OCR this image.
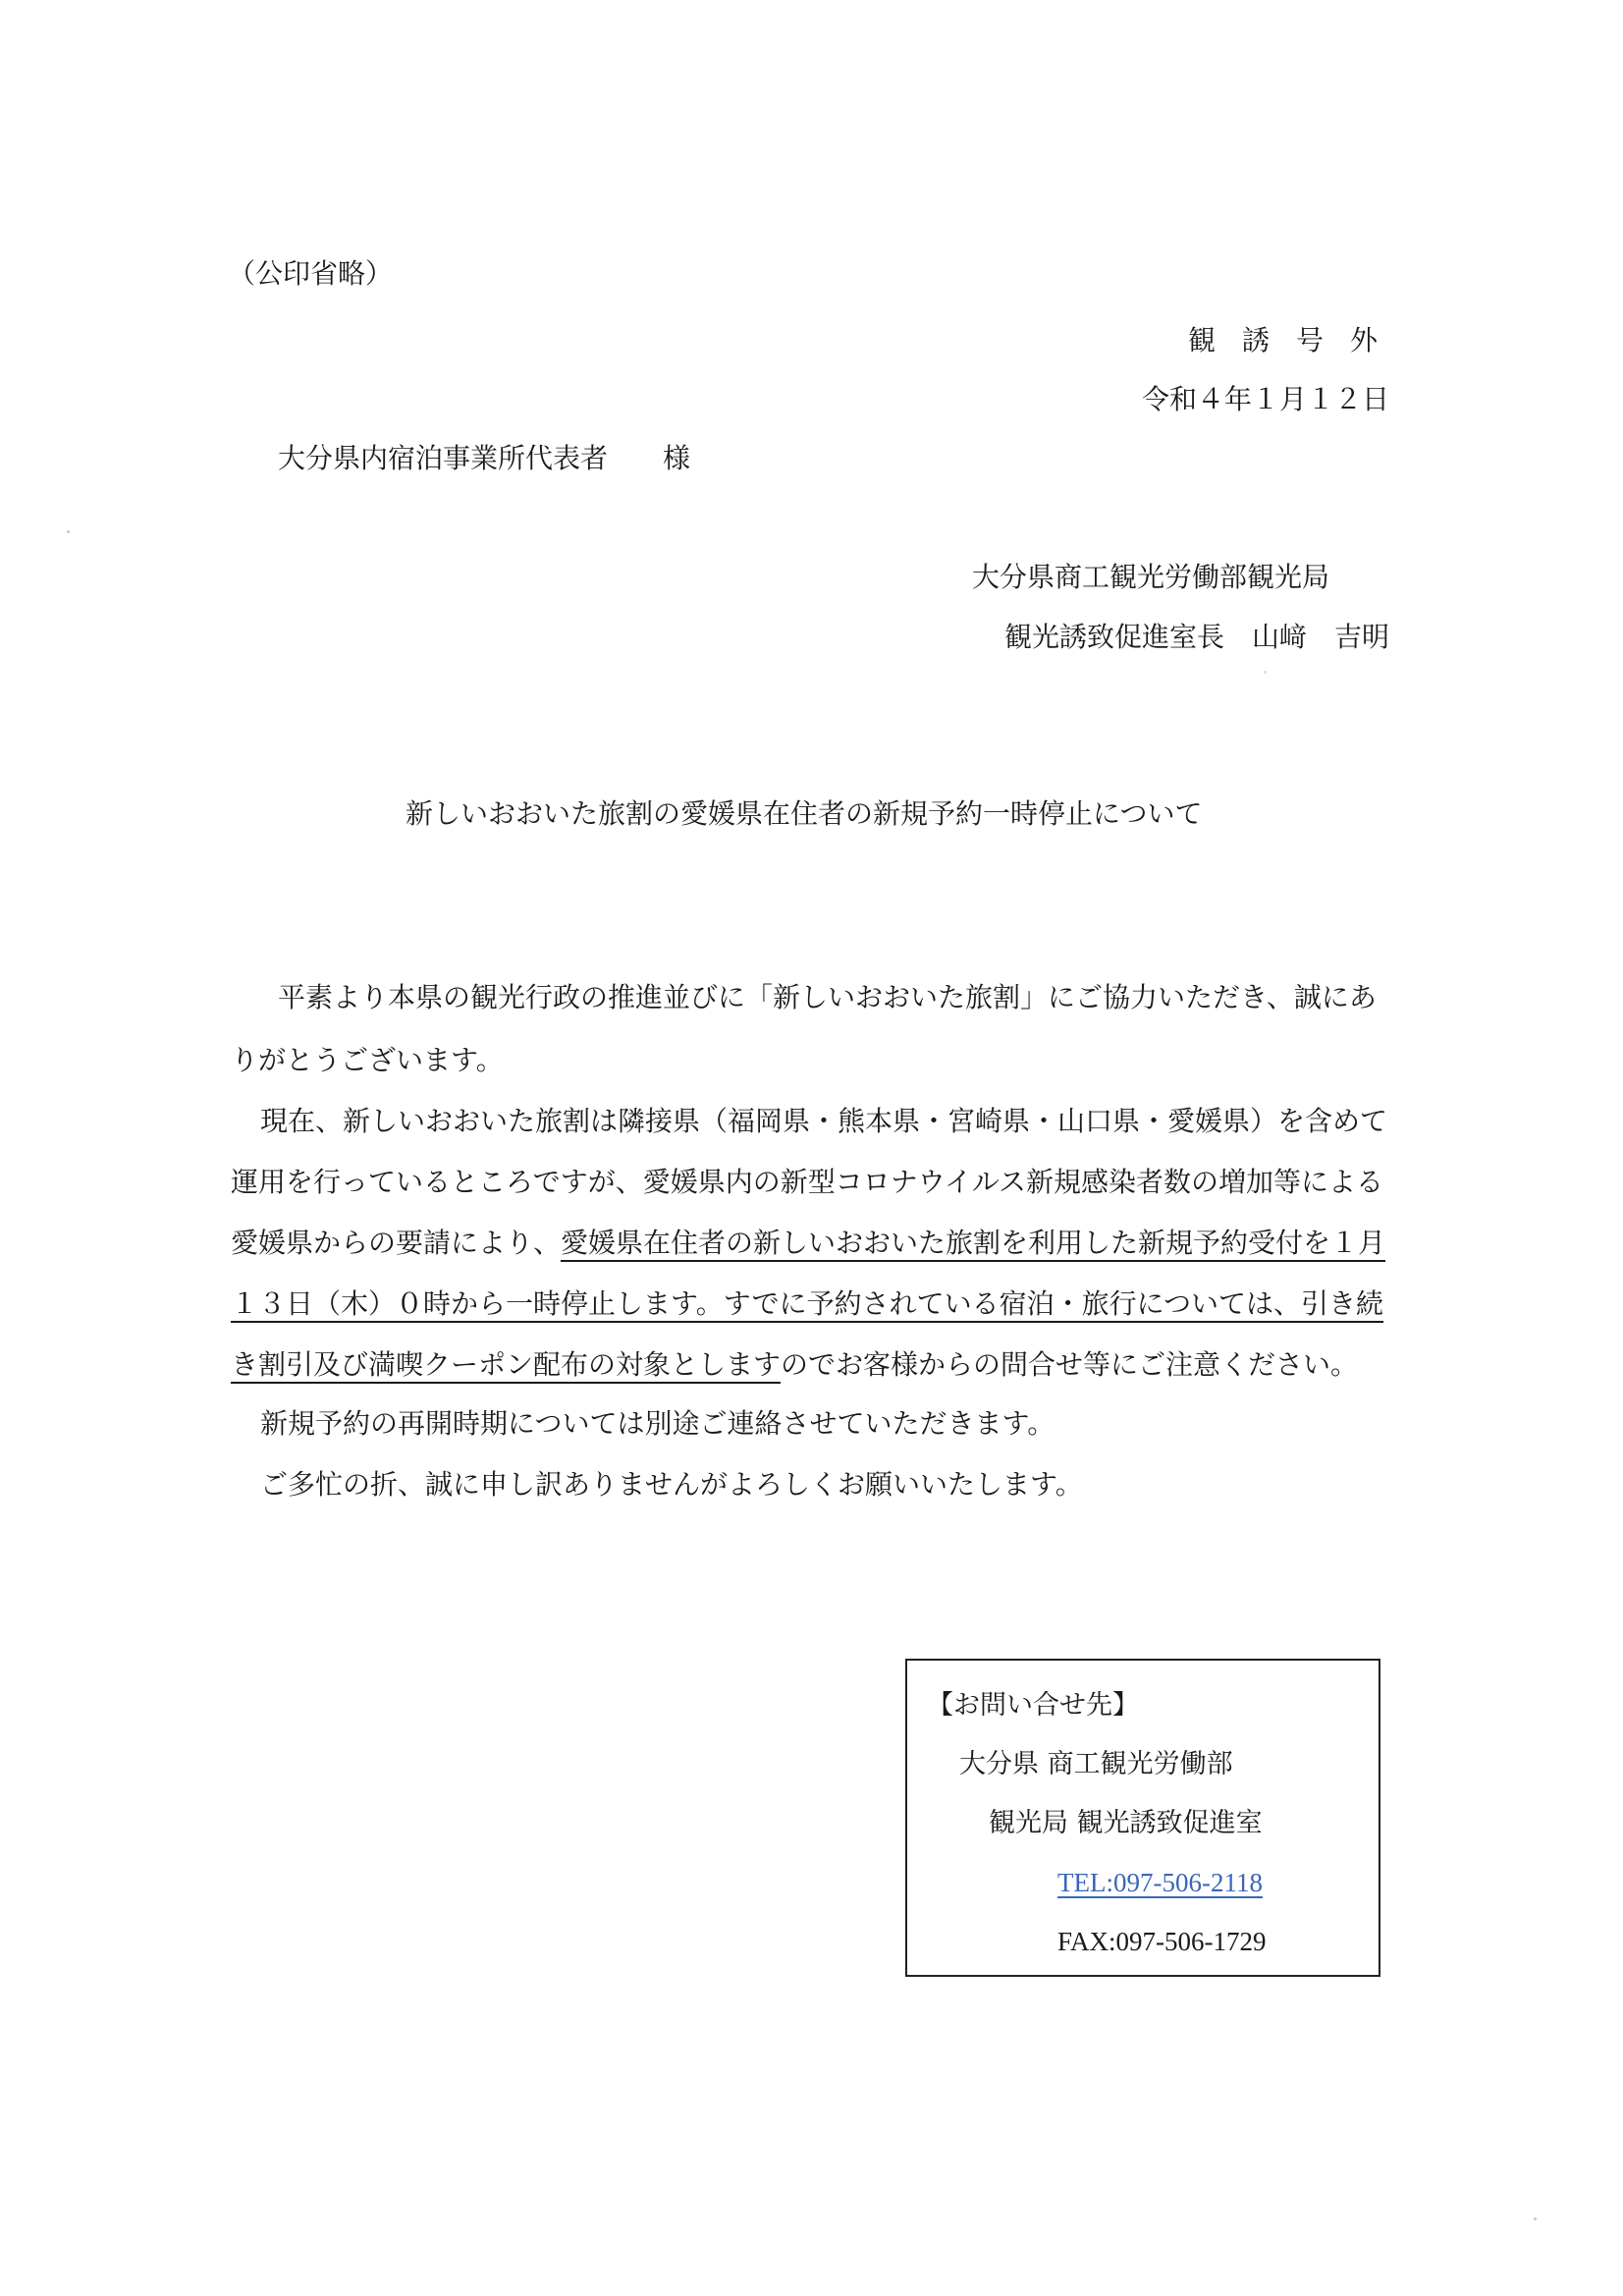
（公印省略）
観誘号外
令和４年１月１２日
大分県内宿泊事業所代表者　　様
大分県商工観光労働部観光局
観光誘致促進室長　山﨑　吉明
新しいおおいた旅割の愛媛県在住者の新規予約一時停止について
平素より本県の観光行政の推進並びに「新しいおおいた旅割」にご協力いただき、誠にあ
りがとうございます。
現在、新しいおおいた旅割は隣接県（福岡県・熊本県・宮崎県・山口県・愛媛県）を含めて
運用を行っているところですが、愛媛県内の新型コロナウイルス新規感染者数の増加等による
愛媛県からの要請により、愛媛県在住者の新しいおおいた旅割を利用した新規予約受付を１月
１３日（木）０時から一時停止します。すでに予約されている宿泊・旅行については、引き続
き割引及び満喫クーポン配布の対象としますのでお客様からの問合せ等にご注意ください。
新規予約の再開時期については別途ご連絡させていただきます。
ご多忙の折、誠に申し訳ありませんがよろしくお願いいたします。
【お問い合せ先】
大分県 商工観光労働部
観光局 観光誘致促進室
TEL:097-506-2118
FAX:097-506-1729
